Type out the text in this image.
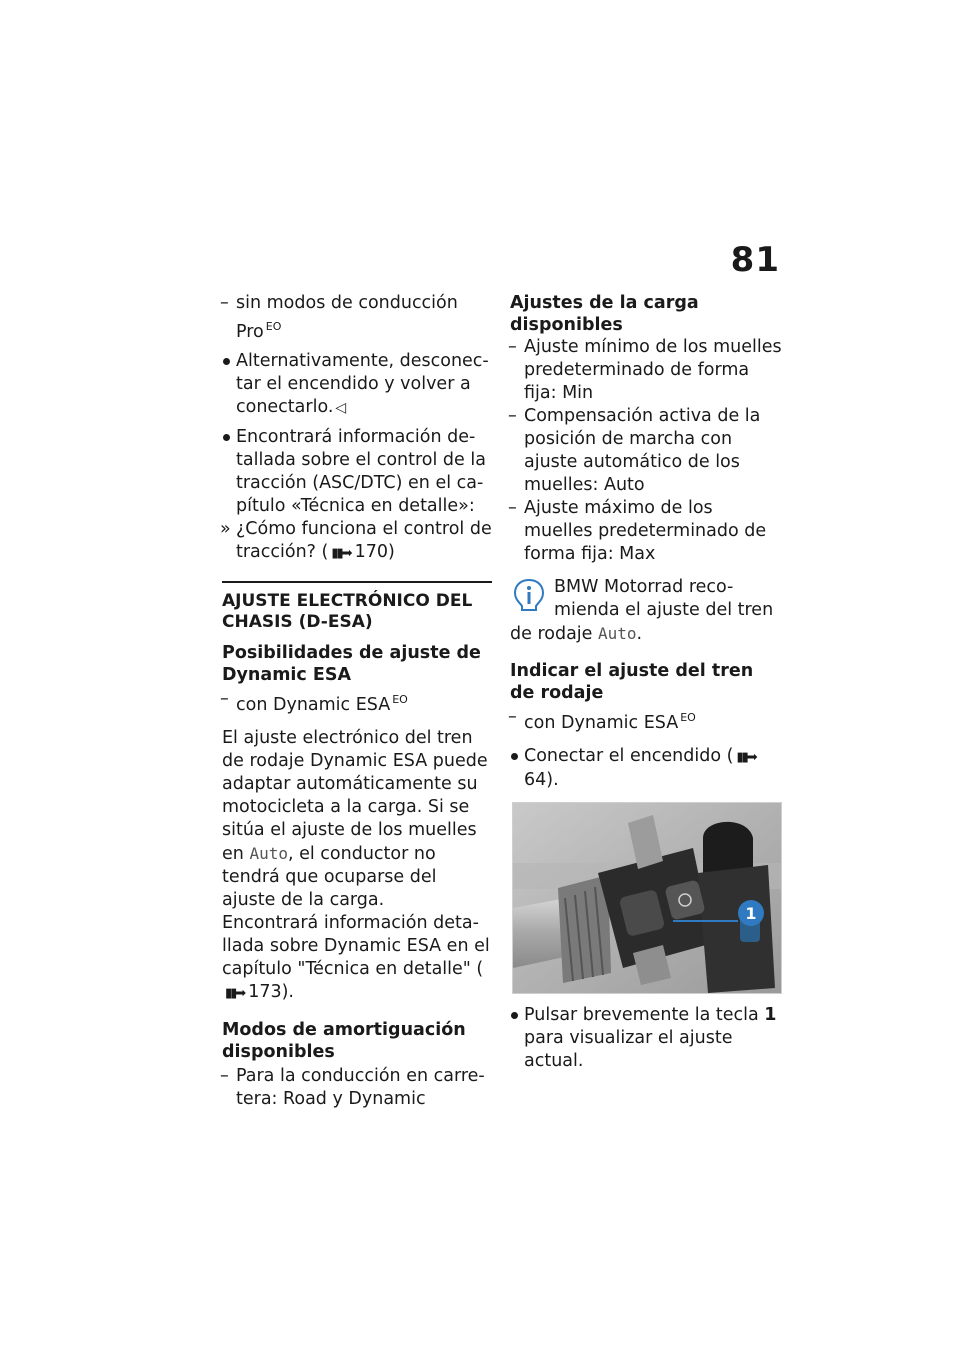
81
– sin modos de conducción Pro $^{EO}$
Alternativamente, desconec-tar el encendido y volver a conectarlo. ◁
Encontrará información de-tallada sobre el control de la tracción (ASC/DTC) en el ca-pítulo «Técnica en detalle»:
» ¿Cómo funciona el control de tracción? ( ▮▮➡ 170)
AJUSTE ELECTRÓNICO DEL CHASIS (D-ESA)
Posibilidades de ajuste de Dynamic ESA
– con Dynamic ESA $^{EO}$
El ajuste electrónico del tren de rodaje Dynamic ESA puede adaptar automáticamente su motocicleta a la carga. Si se sitúa el ajuste de los muelles en Auto, el conductor no tendrá que ocuparse del ajuste de la carga.
Encontrará información deta-llada sobre Dynamic ESA en el capítulo "Técnica en detalle" (▮▮➡ 173).
Modos de amortiguación disponibles
– Para la conducción en carre-tera: Road y Dynamic
Ajustes de la carga disponibles
– Ajuste mínimo de los muelles predeterminado de forma fija: Min
– Compensación activa de la posición de marcha con ajuste automático de los muelles: Auto
– Ajuste máximo de los muelles predeterminado de forma fija: Max
BMW Motorrad reco-
mienda el ajuste del tren
de rodaje Auto.
Indicar el ajuste del tren de rodaje
– con Dynamic ESA $^{EO}$
Conectar el encendido ( ▮▮➡64).
1
Pulsar brevemente la tecla 1 para visualizar el ajuste actual.
